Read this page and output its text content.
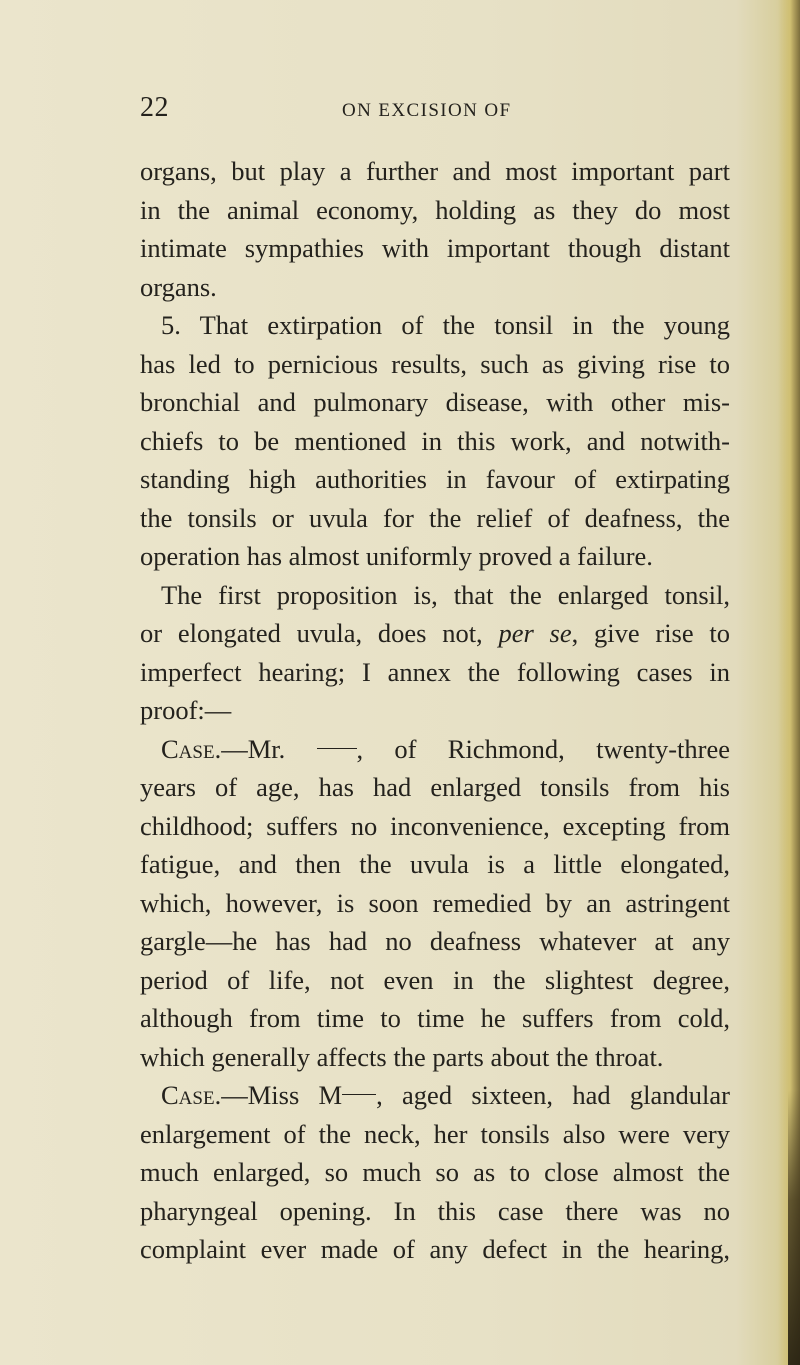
22	ON EXCISION OF
organs, but play a further and most important part
in the animal economy, holding as they do most
intimate sympathies with important though distant
organs.
5. That extirpation of the tonsil in the young
has led to pernicious results, such as giving rise to
bronchial and pulmonary disease, with other mis-
chiefs to be mentioned in this work, and notwith-
standing high authorities in favour of extirpating
the tonsils or uvula for the relief of deafness, the
operation has almost uniformly proved a failure.
The first proposition is, that the enlarged tonsil,
or elongated uvula, does not, per se, give rise to
imperfect hearing; I annex the following cases in
proof:—
Case.—Mr. , of Richmond, twenty-three
years of age, has had enlarged tonsils from his
childhood; suffers no inconvenience, excepting from
fatigue, and then the uvula is a little elongated,
which, however, is soon remedied by an astringent
gargle—he has had no deafness whatever at any
period of life, not even in the slightest degree,
although from time to time he suffers from cold,
which generally affects the parts about the throat.
Case.—Miss M , aged sixteen, had glandular
enlargement of the neck, her tonsils also were very
much enlarged, so much so as to close almost the
pharyngeal opening. In this case there was no
complaint ever made of any defect in the hearing,
